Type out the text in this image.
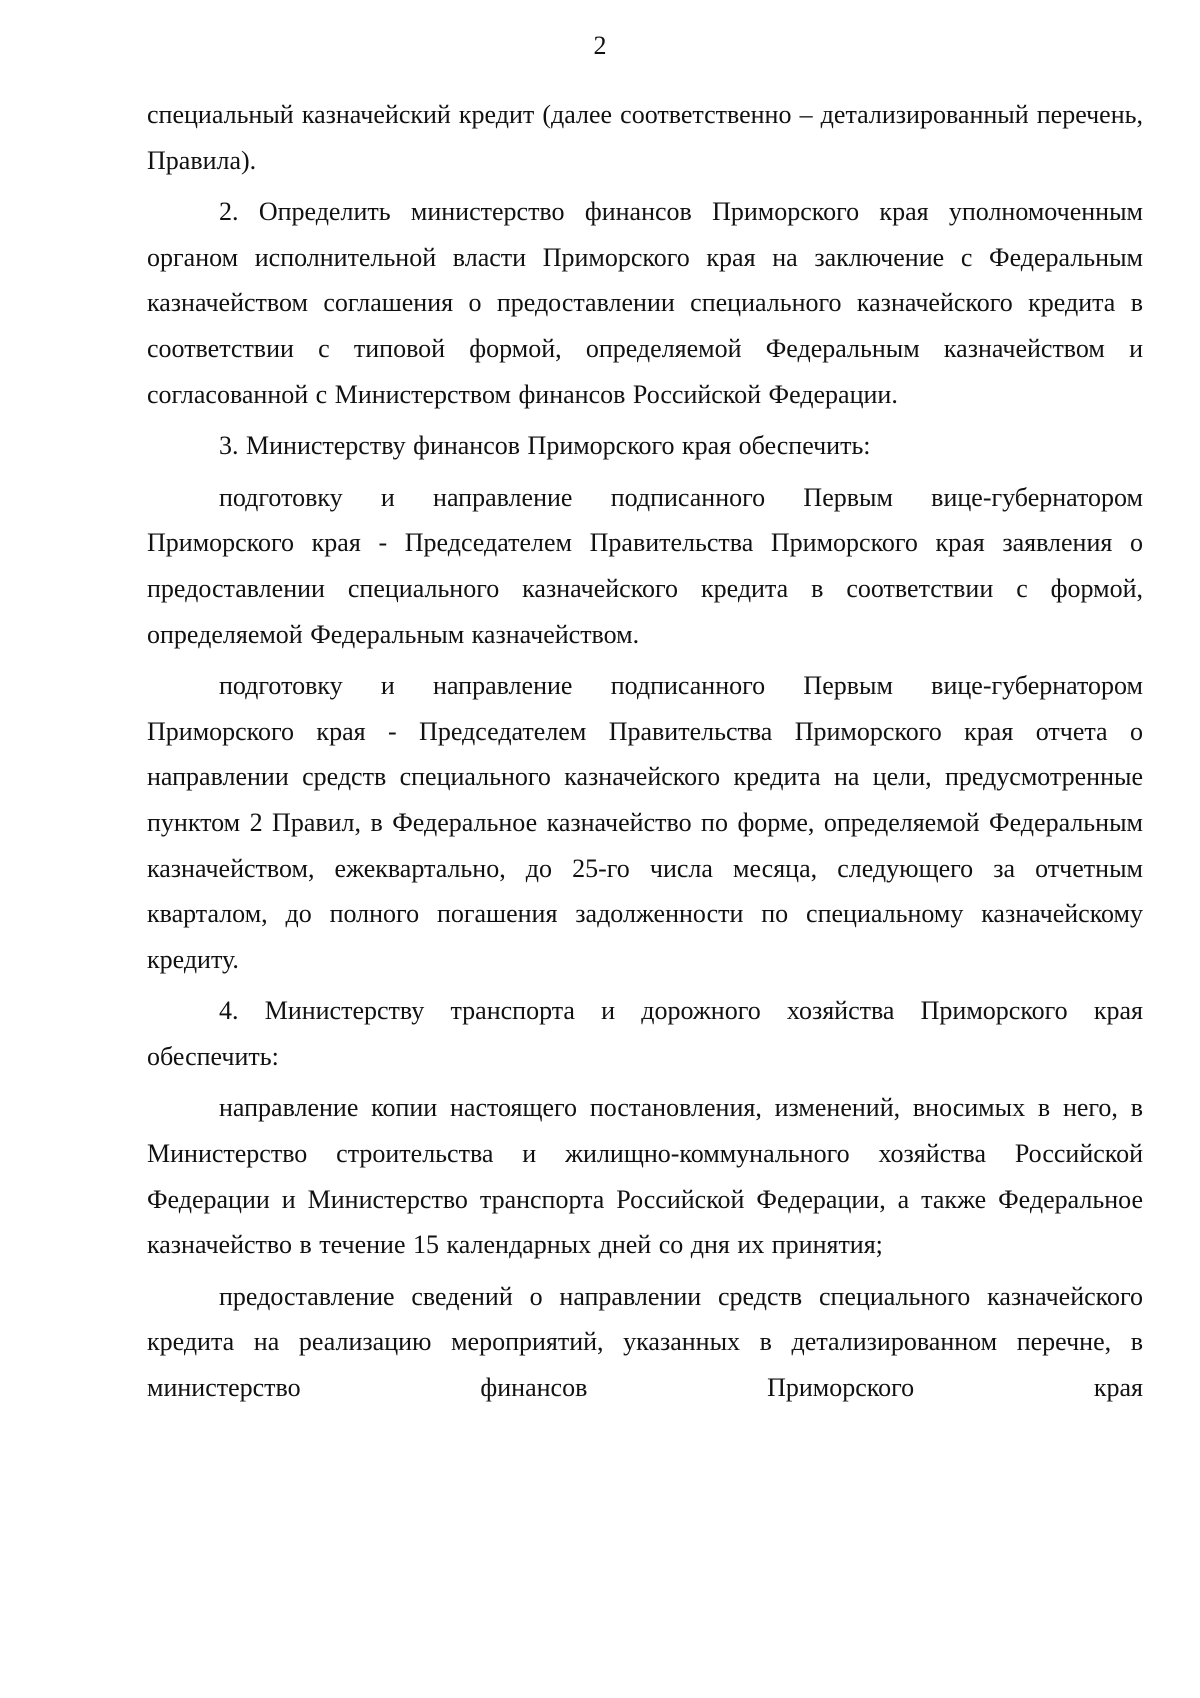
2

специальный казначейский кредит (далее соответственно – детализированный перечень, Правила).

2. Определить министерство финансов Приморского края уполномоченным органом исполнительной власти Приморского края на заключение с Федеральным казначейством соглашения о предоставлении специального казначейского кредита в соответствии с типовой формой, определяемой Федеральным казначейством и согласованной с Министерством финансов Российской Федерации.

3. Министерству финансов Приморского края обеспечить:

подготовку и направление подписанного Первым вице-губернатором Приморского края - Председателем Правительства Приморского края заявления о предоставлении специального казначейского кредита в соответствии с формой, определяемой Федеральным казначейством.

подготовку и направление подписанного Первым вице-губернатором Приморского края - Председателем Правительства Приморского края отчета о направлении средств специального казначейского кредита на цели, предусмотренные пунктом 2 Правил, в Федеральное казначейство по форме, определяемой Федеральным казначейством, ежеквартально, до 25-го числа месяца, следующего за отчетным кварталом, до полного погашения задолженности по специальному казначейскому кредиту.

4. Министерству транспорта и дорожного хозяйства Приморского края обеспечить:

направление копии настоящего постановления, изменений, вносимых в него, в Министерство строительства и жилищно-коммунального хозяйства Российской Федерации и Министерство транспорта Российской Федерации, а также Федеральное казначейство в течение 15 календарных дней со дня их принятия;

предоставление сведений о направлении средств специального казначейского кредита на реализацию мероприятий, указанных в детализированном перечне, в министерство финансов Приморского края
